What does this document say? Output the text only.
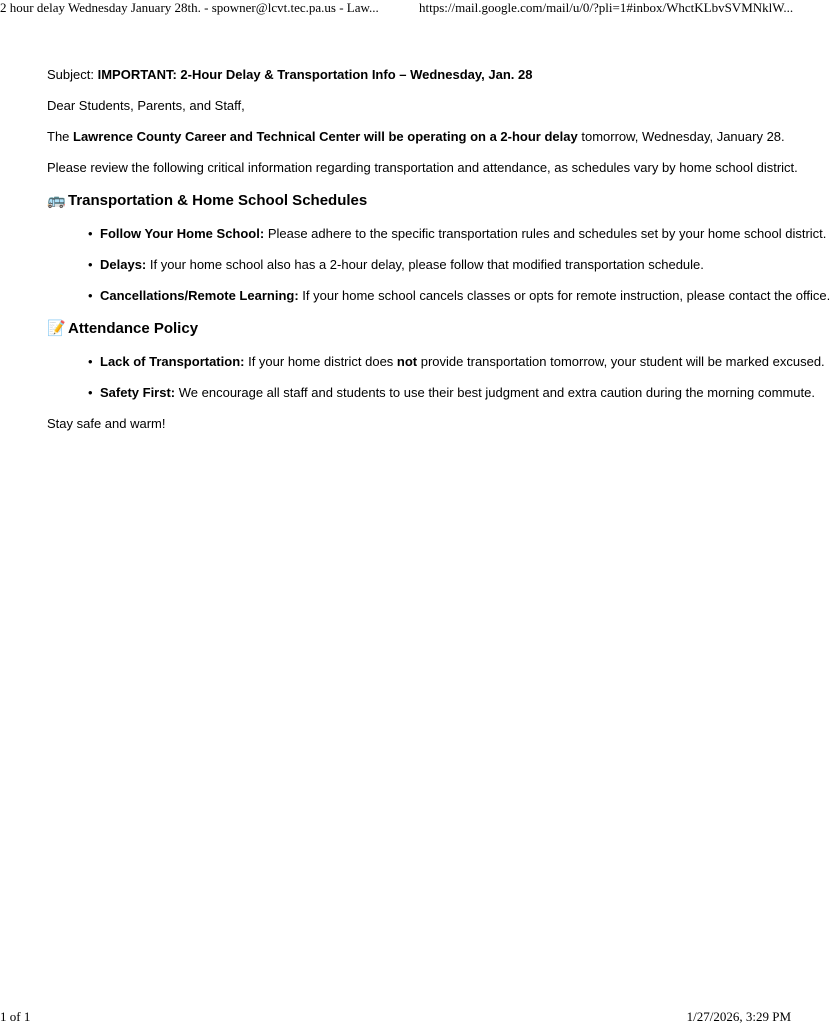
2 hour delay Wednesday January 28th. - spowner@lcvt.tec.pa.us - Law...	https://mail.google.com/mail/u/0/?pli=1#inbox/WhctKLbvSVMNklW...
Subject: IMPORTANT: 2-Hour Delay & Transportation Info – Wednesday, Jan. 28
Dear Students, Parents, and Staff,
The Lawrence County Career and Technical Center will be operating on a 2-hour delay tomorrow, Wednesday, January 28.
Please review the following critical information regarding transportation and attendance, as schedules vary by home school district.
🚌 Transportation & Home School Schedules
• Follow Your Home School: Please adhere to the specific transportation rules and schedules set by your home school district.
• Delays: If your home school also has a 2-hour delay, please follow that modified transportation schedule.
• Cancellations/Remote Learning: If your home school cancels classes or opts for remote instruction, please contact the office.
📝 Attendance Policy
• Lack of Transportation: If your home district does not provide transportation tomorrow, your student will be marked excused.
• Safety First: We encourage all staff and students to use their best judgment and extra caution during the morning commute.
Stay safe and warm!
1 of 1	1/27/2026, 3:29 PM
